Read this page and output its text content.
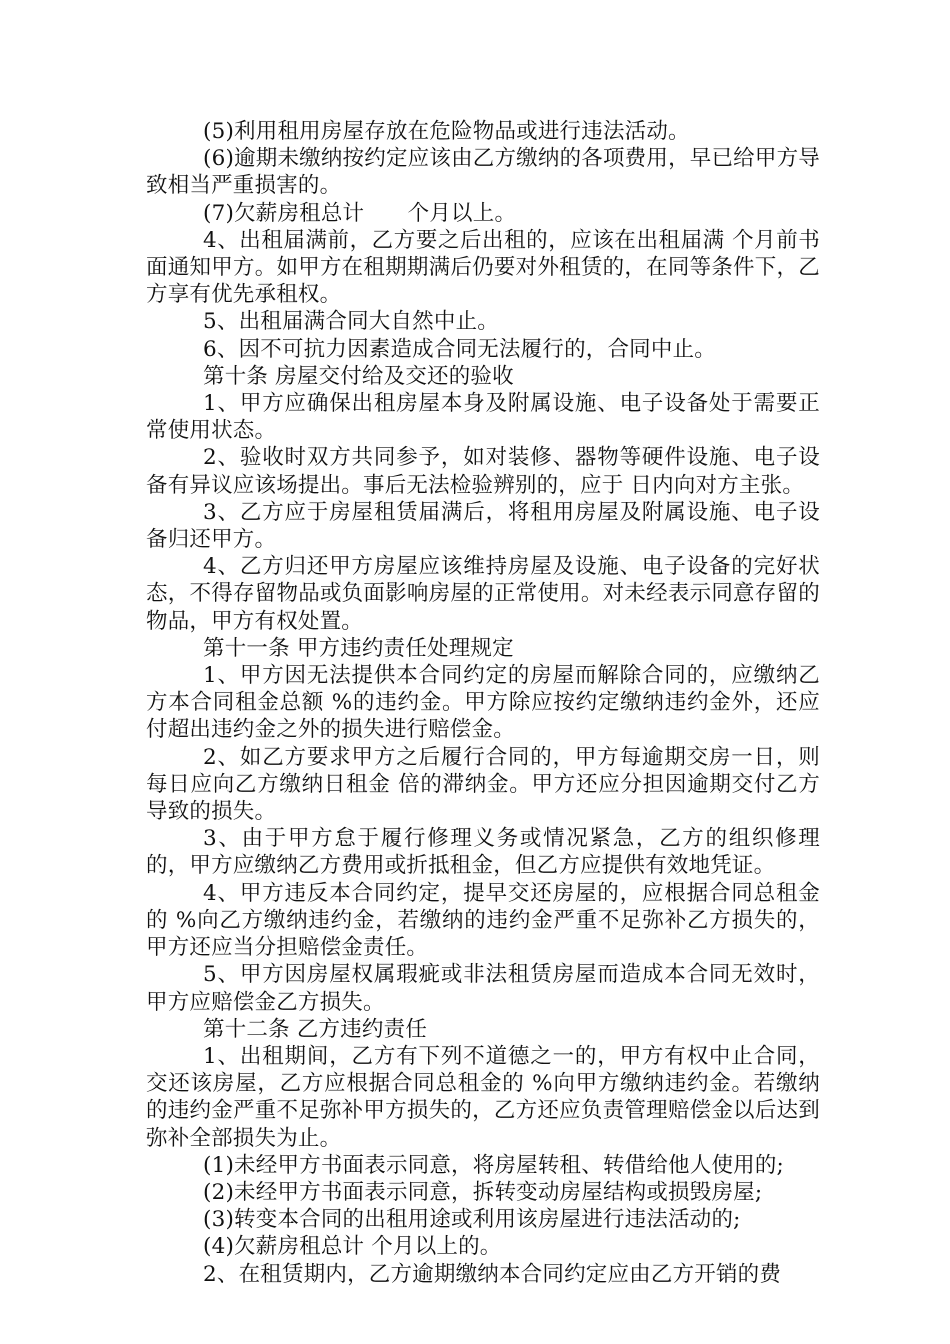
(5)利用租用房屋存放在危险物品或进行违法活动。

(6)逾期未缴纳按约定应该由乙方缴纳的各项费用，早已给甲方导致相当严重损害的。

(7)欠薪房租总计　　个月以上。

4、出租届满前，乙方要之后出租的，应该在出租届满 个月前书面通知甲方。如甲方在租期期满后仍要对外租赁的，在同等条件下，乙方享有优先承租权。

5、出租届满合同大自然中止。

6、因不可抗力因素造成合同无法履行的，合同中止。

第十条 房屋交付给及交还的验收

1、甲方应确保出租房屋本身及附属设施、电子设备处于需要正常使用状态。

2、验收时双方共同参予，如对装修、器物等硬件设施、电子设备有异议应该场提出。事后无法检验辨别的，应于 日内向对方主张。

3、乙方应于房屋租赁届满后，将租用房屋及附属设施、电子设备归还甲方。

4、乙方归还甲方房屋应该维持房屋及设施、电子设备的完好状态，不得存留物品或负面影响房屋的正常使用。对未经表示同意存留的物品，甲方有权处置。

第十一条 甲方违约责任处理规定

1、甲方因无法提供本合同约定的房屋而解除合同的，应缴纳乙方本合同租金总额 %的违约金。甲方除应按约定缴纳违约金外，还应付超出违约金之外的损失进行赔偿金。

2、如乙方要求甲方之后履行合同的，甲方每逾期交房一日，则每日应向乙方缴纳日租金 倍的滞纳金。甲方还应分担因逾期交付乙方导致的损失。

3、由于甲方怠于履行修理义务或情况紧急，乙方的组织修理的，甲方应缴纳乙方费用或折抵租金，但乙方应提供有效地凭证。

4、甲方违反本合同约定，提早交还房屋的，应根据合同总租金的 %向乙方缴纳违约金，若缴纳的违约金严重不足弥补乙方损失的，甲方还应当分担赔偿金责任。

5、甲方因房屋权属瑕疵或非法租赁房屋而造成本合同无效时，甲方应赔偿金乙方损失。

第十二条 乙方违约责任

1、出租期间，乙方有下列不道德之一的，甲方有权中止合同，交还该房屋，乙方应根据合同总租金的 %向甲方缴纳违约金。若缴纳的违约金严重不足弥补甲方损失的，乙方还应负责管理赔偿金以后达到弥补全部损失为止。

(1)未经甲方书面表示同意，将房屋转租、转借给他人使用的;

(2)未经甲方书面表示同意，拆转变动房屋结构或损毁房屋;

(3)转变本合同的出租用途或利用该房屋进行违法活动的;

(4)欠薪房租总计 个月以上的。

2、在租赁期内，乙方逾期缴纳本合同约定应由乙方开销的费
